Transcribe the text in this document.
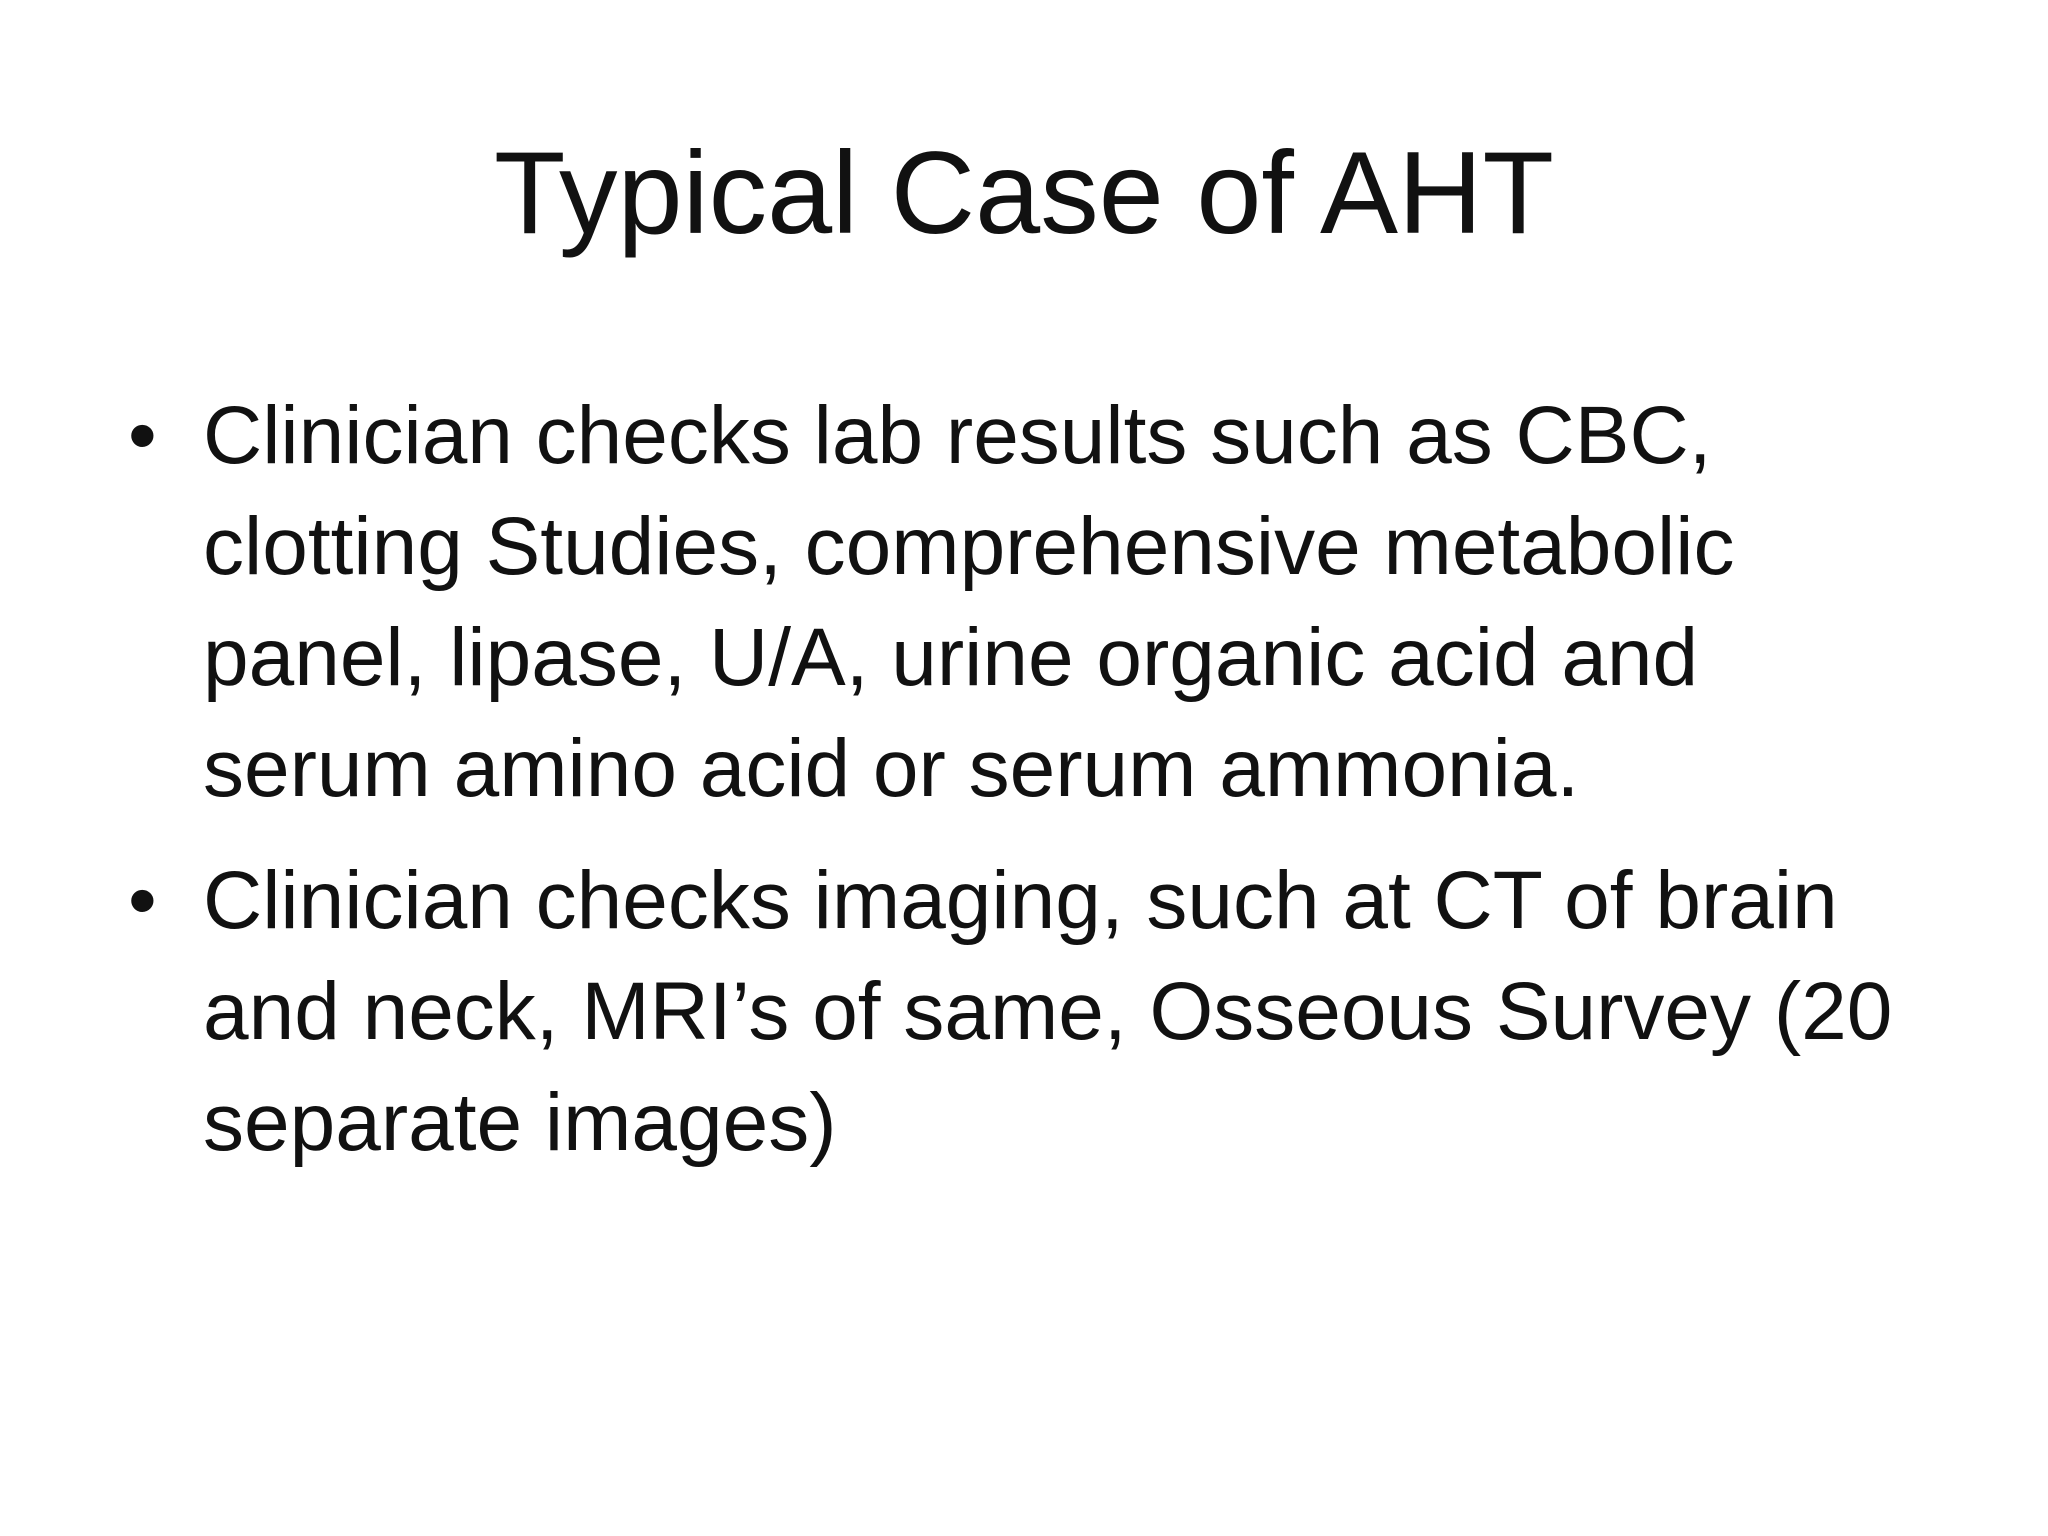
Typical Case of AHT
• Clinician checks lab results such as CBC,
clotting Studies, comprehensive metabolic
panel, lipase, U/A, urine organic acid and
serum amino acid or serum ammonia.
• Clinician checks imaging, such at CT of brain
and neck, MRI’s of same, Osseous Survey (20
separate images)
